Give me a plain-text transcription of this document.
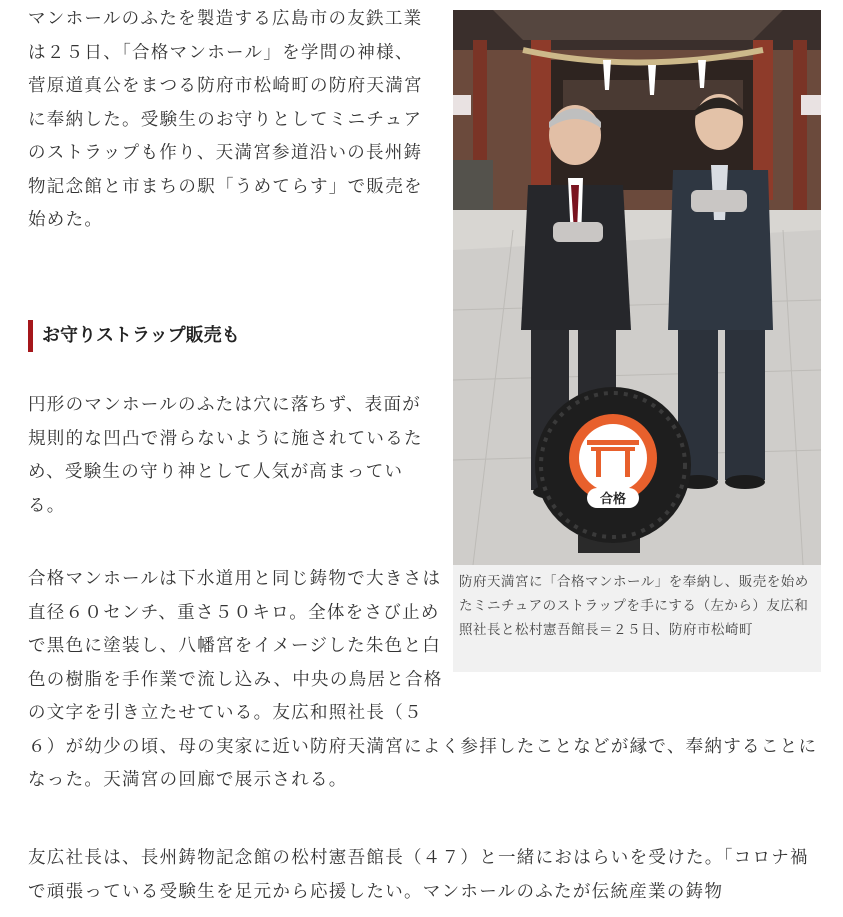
マンホールのふたを製造する広島市の友鉄工業は２５日、「合格マンホール」を学問の神様、菅原道真公をまつる防府市松崎町の防府天満宮に奉納した。受験生のお守りとしてミニチュアのストラップも作り、天満宮参道沿いの長州鋳物記念館と市まちの駅「うめてらす」で販売を始めた。

お守りストラップ販売も

円形のマンホールのふたは穴に落ちず、表面が規則的な凹凸で滑らないように施されているため、受験生の守り神として人気が高まっている。

合格マンホールは下水道用と同じ鋳物で大きさは直径６０センチ、重さ５０キロ。全体をさび止めで黒色に塗装し、八幡宮をイメージした朱色と白色の樹脂を手作業で流し込み、中央の鳥居と合格の文字を引き立たせている。友広和照社長（５６）が幼少の頃、母の実家に近い防府天満宮によく参拝したことなどが縁で、奉納することになった。天満宮の回廊で展示される。

友広社長は、長州鋳物記念館の松村憲吾館長（４７）と一緒におはらいを受けた。「コロナ禍で頑張っている受験生を足元から応援したい。マンホールのふたが伝統産業の鋳物

合格
防府天満宮に「合格マンホール」を奉納し、販売を始めたミニチュアのストラップを手にする（左から）友広和照社長と松村憲吾館長＝２５日、防府市松崎町
